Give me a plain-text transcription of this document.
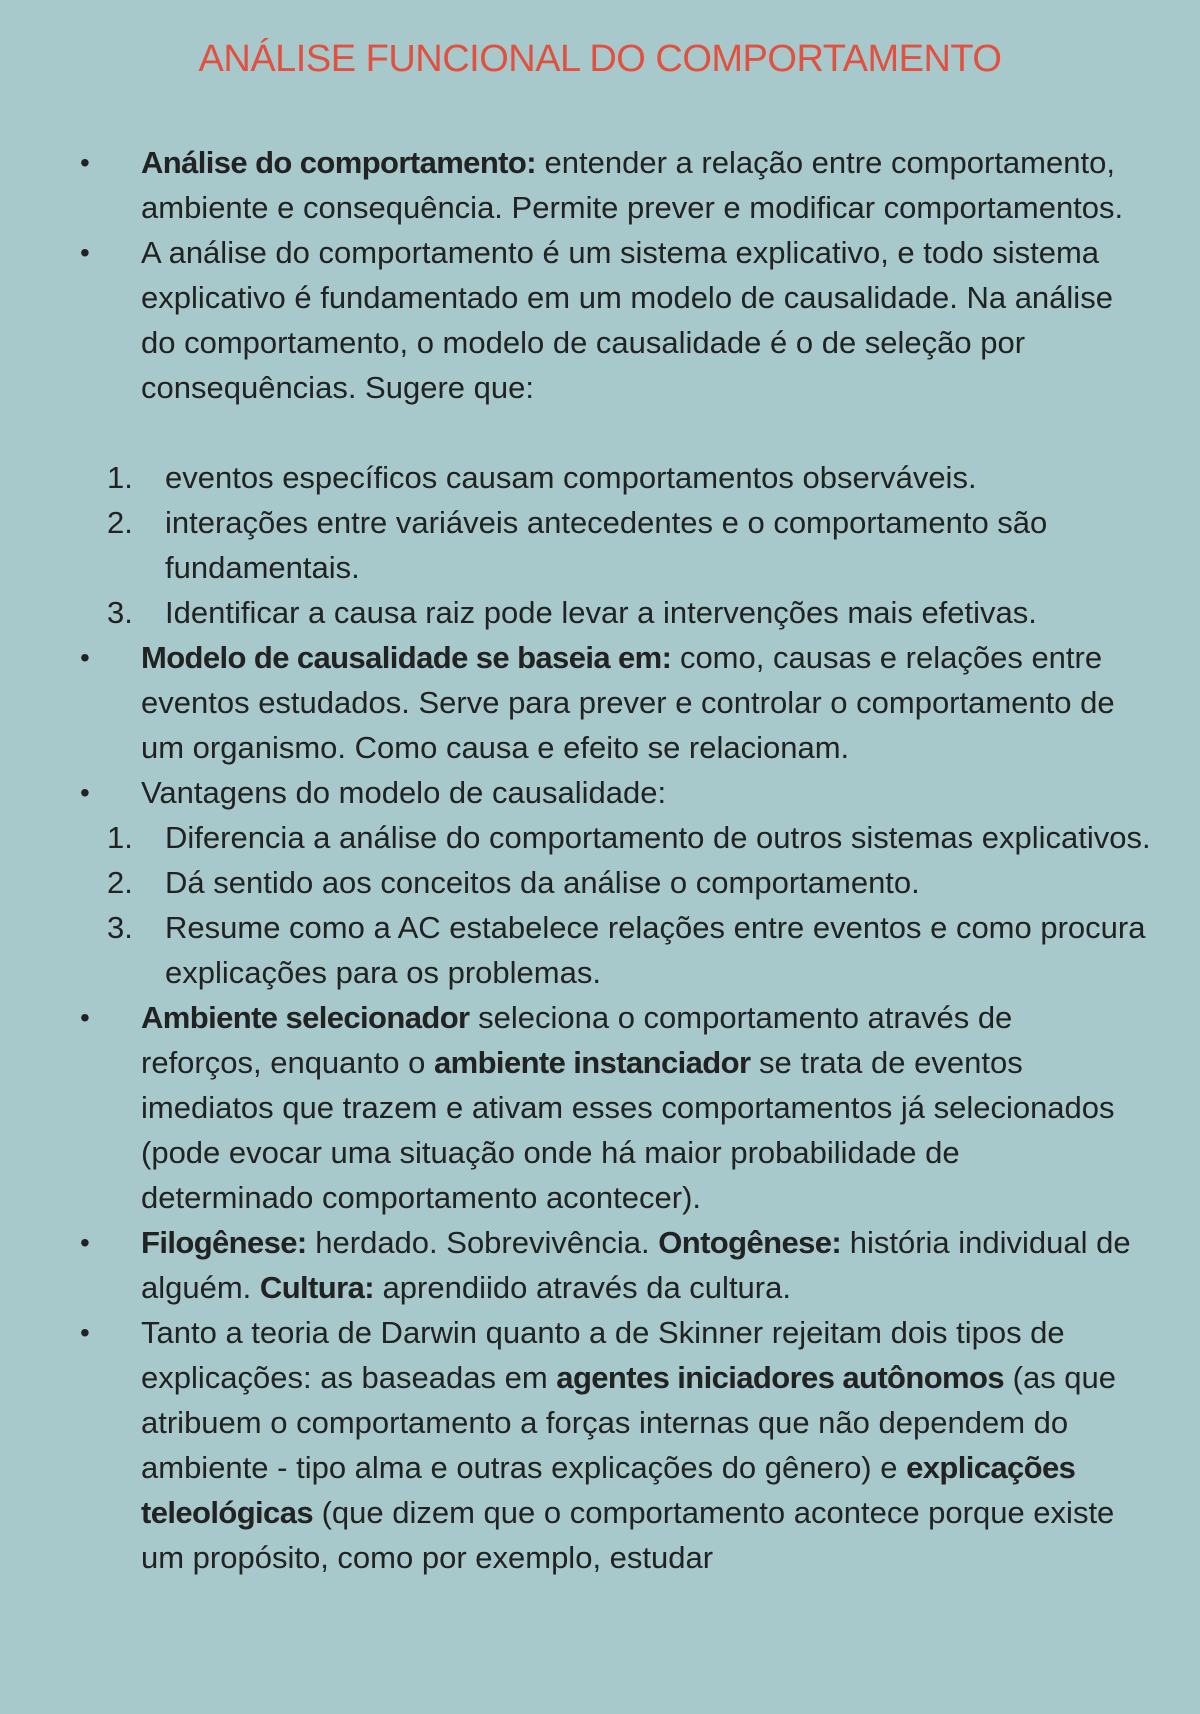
ANÁLISE FUNCIONAL DO COMPORTAMENTO
• Análise do comportamento: entender a relação entre comportamento, ambiente e consequência. Permite prever e modificar comportamentos.
• A análise do comportamento é um sistema explicativo, e todo sistema explicativo é fundamentado em um modelo de causalidade. Na análise do comportamento, o modelo de causalidade é o de seleção por consequências. Sugere que:
1. eventos específicos causam comportamentos observáveis.
2. interações entre variáveis antecedentes e o comportamento são fundamentais.
3. Identificar a causa raiz pode levar a intervenções mais efetivas.
• Modelo de causalidade se baseia em: como, causas e relações entre eventos estudados. Serve para prever e controlar o comportamento de um organismo. Como causa e efeito se relacionam.
• Vantagens do modelo de causalidade:
1. Diferencia a análise do comportamento de outros sistemas explicativos.
2. Dá sentido aos conceitos da análise o comportamento.
3. Resume como a AC estabelece relações entre eventos e como procura explicações para os problemas.
• Ambiente selecionador seleciona o comportamento através de reforços, enquanto o ambiente instanciador se trata de eventos imediatos que trazem e ativam esses comportamentos já selecionados (pode evocar uma situação onde há maior probabilidade de determinado comportamento acontecer).
• Filogênese: herdado. Sobrevivência. Ontogênese: história individual de alguém. Cultura: aprendiido através da cultura.
• Tanto a teoria de Darwin quanto a de Skinner rejeitam dois tipos de explicações: as baseadas em agentes iniciadores autônomos (as que atribuem o comportamento a forças internas que não dependem do ambiente - tipo alma e outras explicações do gênero) e explicações teleológicas (que dizem que o comportamento acontece porque existe um propósito, como por exemplo, estudar
